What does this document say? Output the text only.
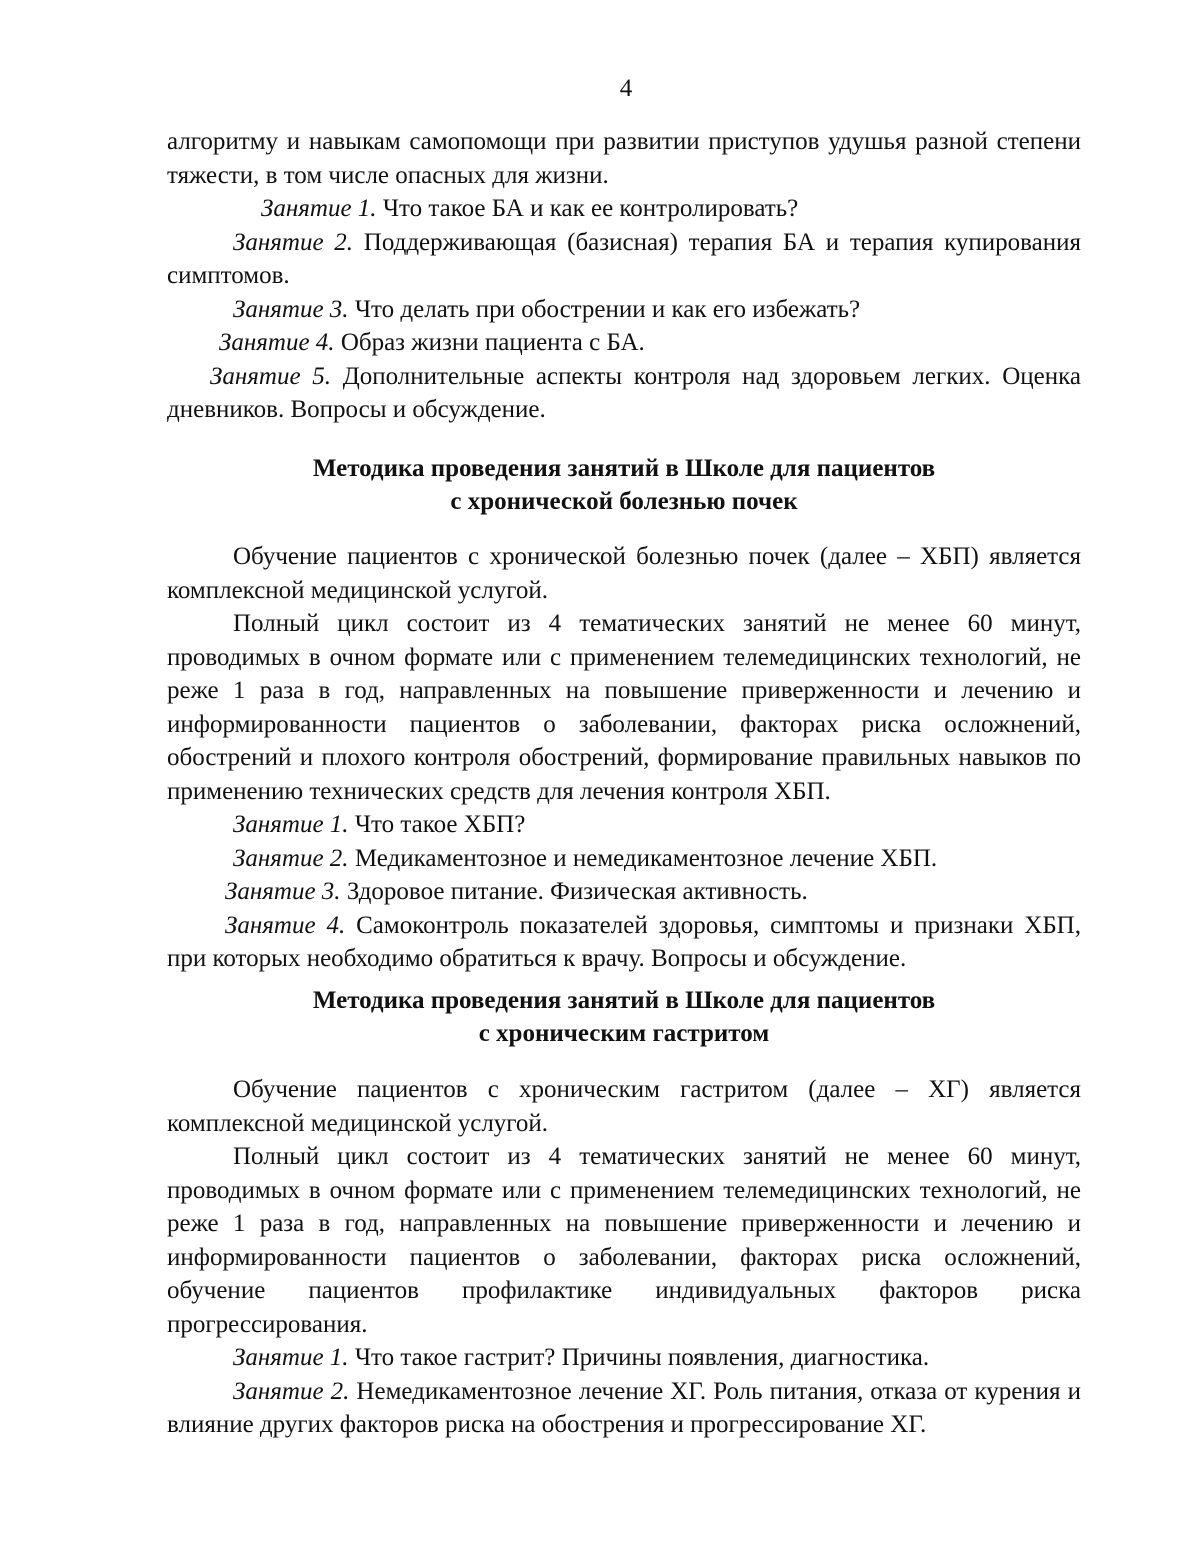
4

алгоритму и навыкам самопомощи при развитии приступов удушья разной степени тяжести, в том числе опасных для жизни.

Занятие 1. Что такое БА и как ее контролировать?

Занятие 2. Поддерживающая (базисная) терапия БА и терапия купирования симптомов.

Занятие 3. Что делать при обострении и как его избежать?

Занятие 4. Образ жизни пациента с БА.

Занятие 5. Дополнительные аспекты контроля над здоровьем легких. Оценка дневников. Вопросы и обсуждение.

Методика проведения занятий в Школе для пациентов
с хронической болезнью почек

Обучение пациентов с хронической болезнью почек (далее – ХБП) является комплексной медицинской услугой.

Полный цикл состоит из 4 тематических занятий не менее 60 минут, проводимых в очном формате или с применением телемедицинских технологий, не реже 1 раза в год, направленных на повышение приверженности и лечению и информированности пациентов о заболевании, факторах риска осложнений, обострений и плохого контроля обострений, формирование правильных навыков по применению технических средств для лечения контроля ХБП.

Занятие 1. Что такое ХБП?

Занятие 2. Медикаментозное и немедикаментозное лечение ХБП.

Занятие 3. Здоровое питание. Физическая активность.

Занятие 4. Самоконтроль показателей здоровья, симптомы и признаки ХБП, при которых необходимо обратиться к врачу. Вопросы и обсуждение.

Методика проведения занятий в Школе для пациентов
с хроническим гастритом

Обучение пациентов с хроническим гастритом (далее – ХГ) является комплексной медицинской услугой.

Полный цикл состоит из 4 тематических занятий не менее 60 минут, проводимых в очном формате или с применением телемедицинских технологий, не реже 1 раза в год, направленных на повышение приверженности и лечению и информированности пациентов о заболевании, факторах риска осложнений, обучение пациентов профилактике индивидуальных факторов риска прогрессирования.

Занятие 1. Что такое гастрит? Причины появления, диагностика.

Занятие 2. Немедикаментозное лечение ХГ. Роль питания, отказа от курения и влияние других факторов риска на обострения и прогрессирование ХГ.
